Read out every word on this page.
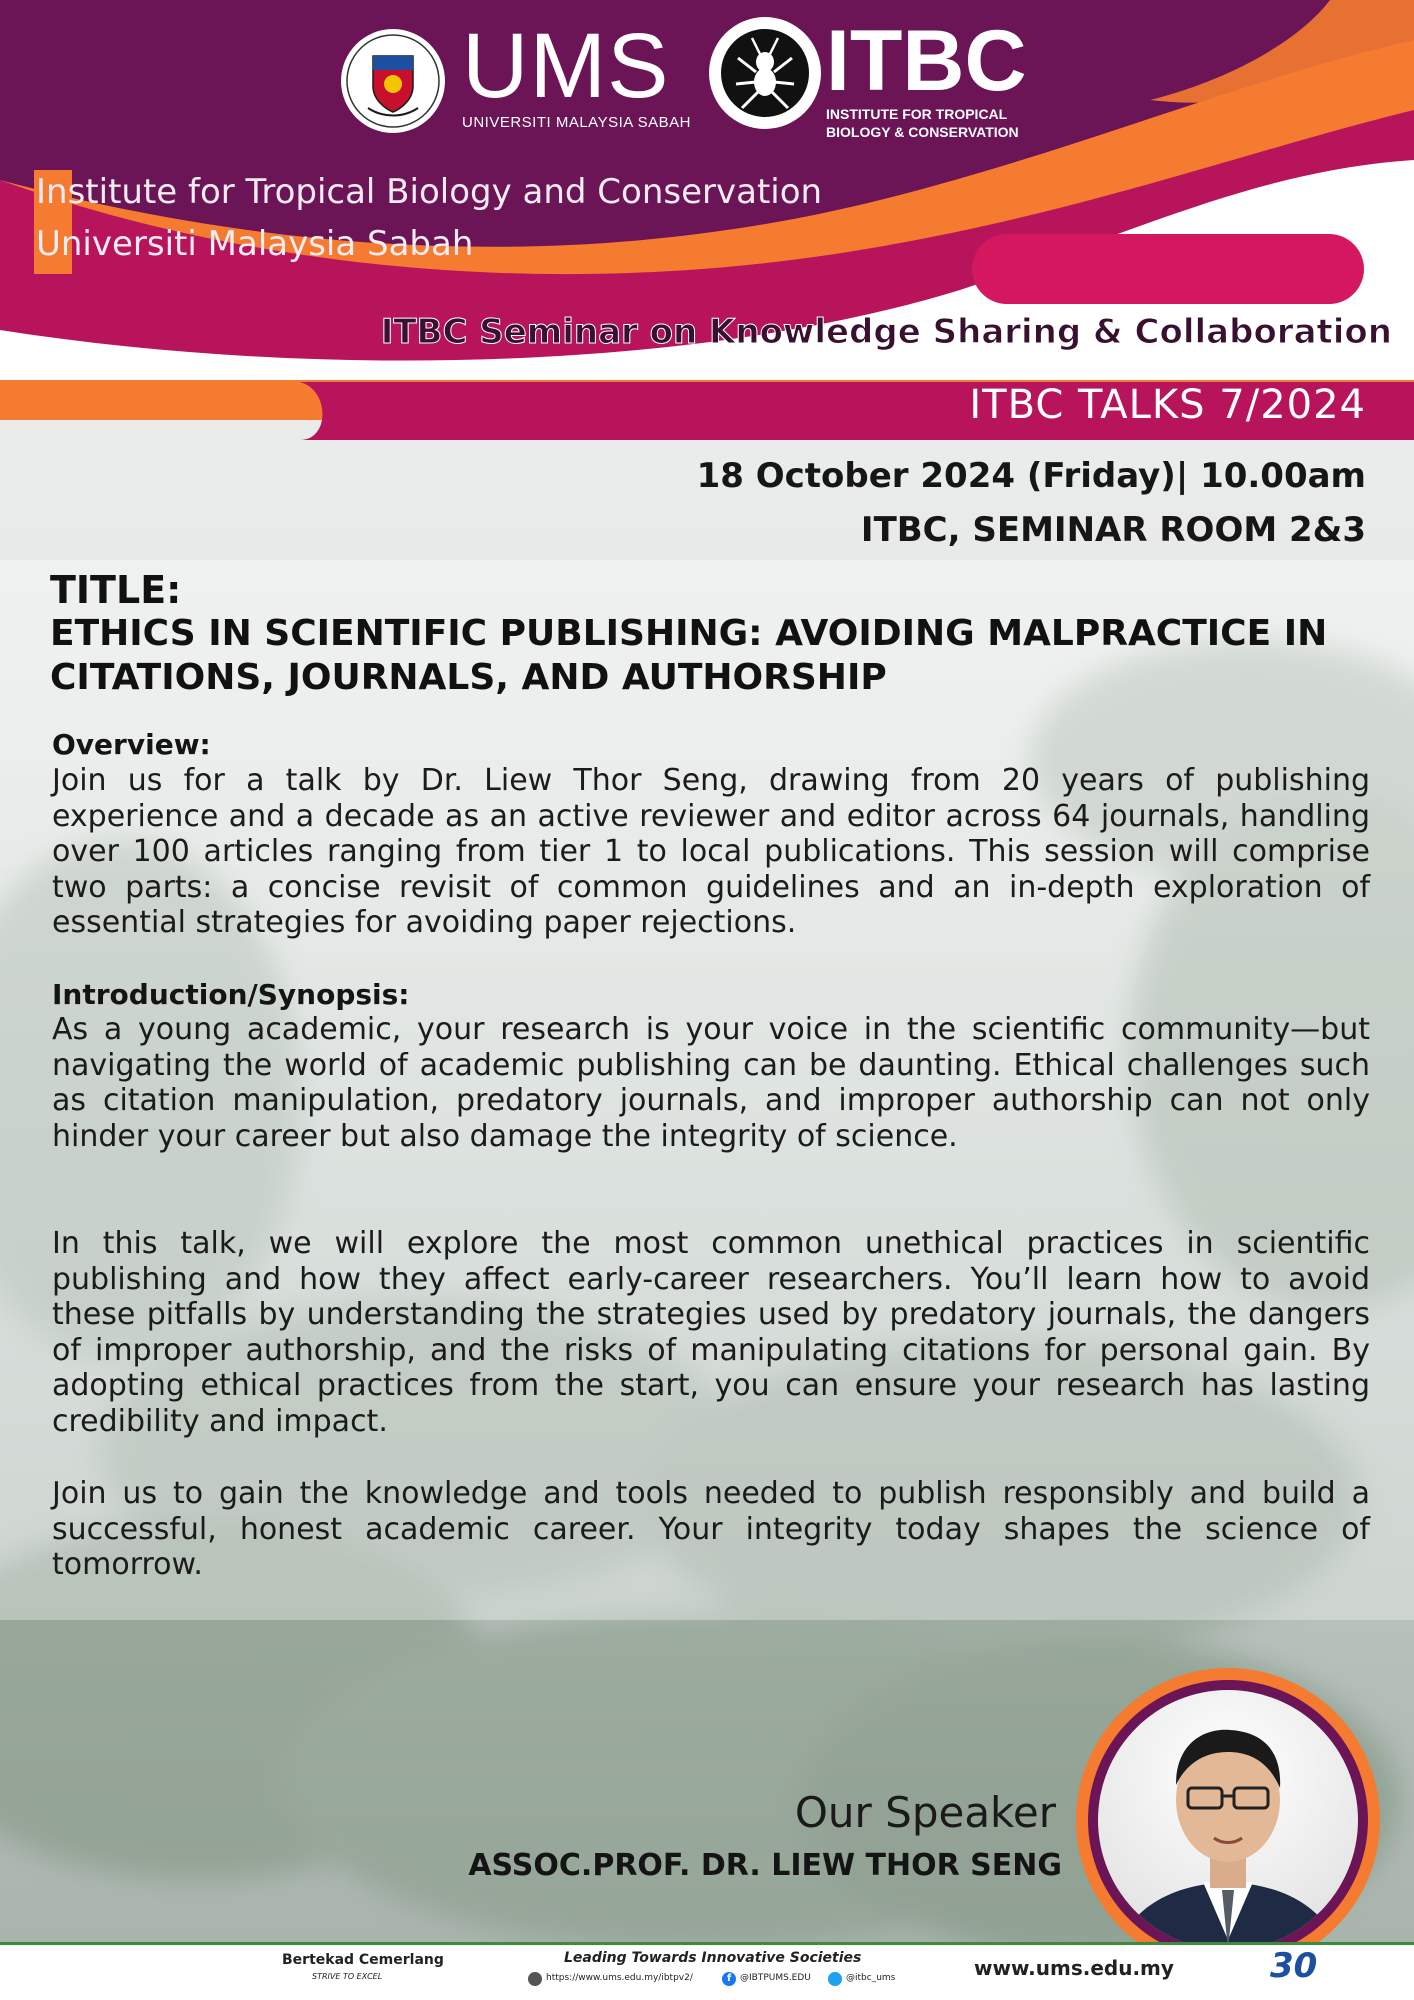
UMS
UNIVERSITI MALAYSIA SABAH
ITBC
INSTITUTE FOR TROPICAL
BIOLOGY & CONSERVATION
Institute for Tropical Biology and Conservation
Universiti Malaysia Sabah
ITBC Seminar on Knowledge Sharing & Collaboration
ITBC TALKS 7/2024
18 October 2024 (Friday)| 10.00am
ITBC, SEMINAR ROOM 2&3
TITLE:
ETHICS IN SCIENTIFIC PUBLISHING: AVOIDING MALPRACTICE IN
CITATIONS, JOURNALS, AND AUTHORSHIP
Overview:
Join us for a talk by Dr. Liew Thor Seng, drawing from 20 years of publishing experience and a decade as an active reviewer and editor across 64 journals, handling over 100 articles ranging from tier 1 to local publications. This session will comprise two parts: a concise revisit of common guidelines and an in-depth exploration of essential strategies for avoiding paper rejections.
Introduction/Synopsis:
As a young academic, your research is your voice in the scientific community—but navigating the world of academic publishing can be daunting. Ethical challenges such as citation manipulation, predatory journals, and improper authorship can not only hinder your career but also damage the integrity of science.
In this talk, we will explore the most common unethical practices in scientific publishing and how they affect early-career researchers. You’ll learn how to avoid these pitfalls by understanding the strategies used by predatory journals, the dangers of improper authorship, and the risks of manipulating citations for personal gain. By adopting ethical practices from the start, you can ensure your research has lasting credibility and impact.
Join us to gain the knowledge and tools needed to publish responsibly and build a successful, honest academic career. Your integrity today shapes the science of tomorrow.
Our Speaker
ASSOC.PROF. DR. LIEW THOR SENG
Bertekad Cemerlang
STRIVE TO EXCEL
Leading Towards Innovative Societies
https://www.ums.edu.my/ibtpv2/	f @IBTPUMS.EDU	@itbc_ums	www.ums.edu.my	30
